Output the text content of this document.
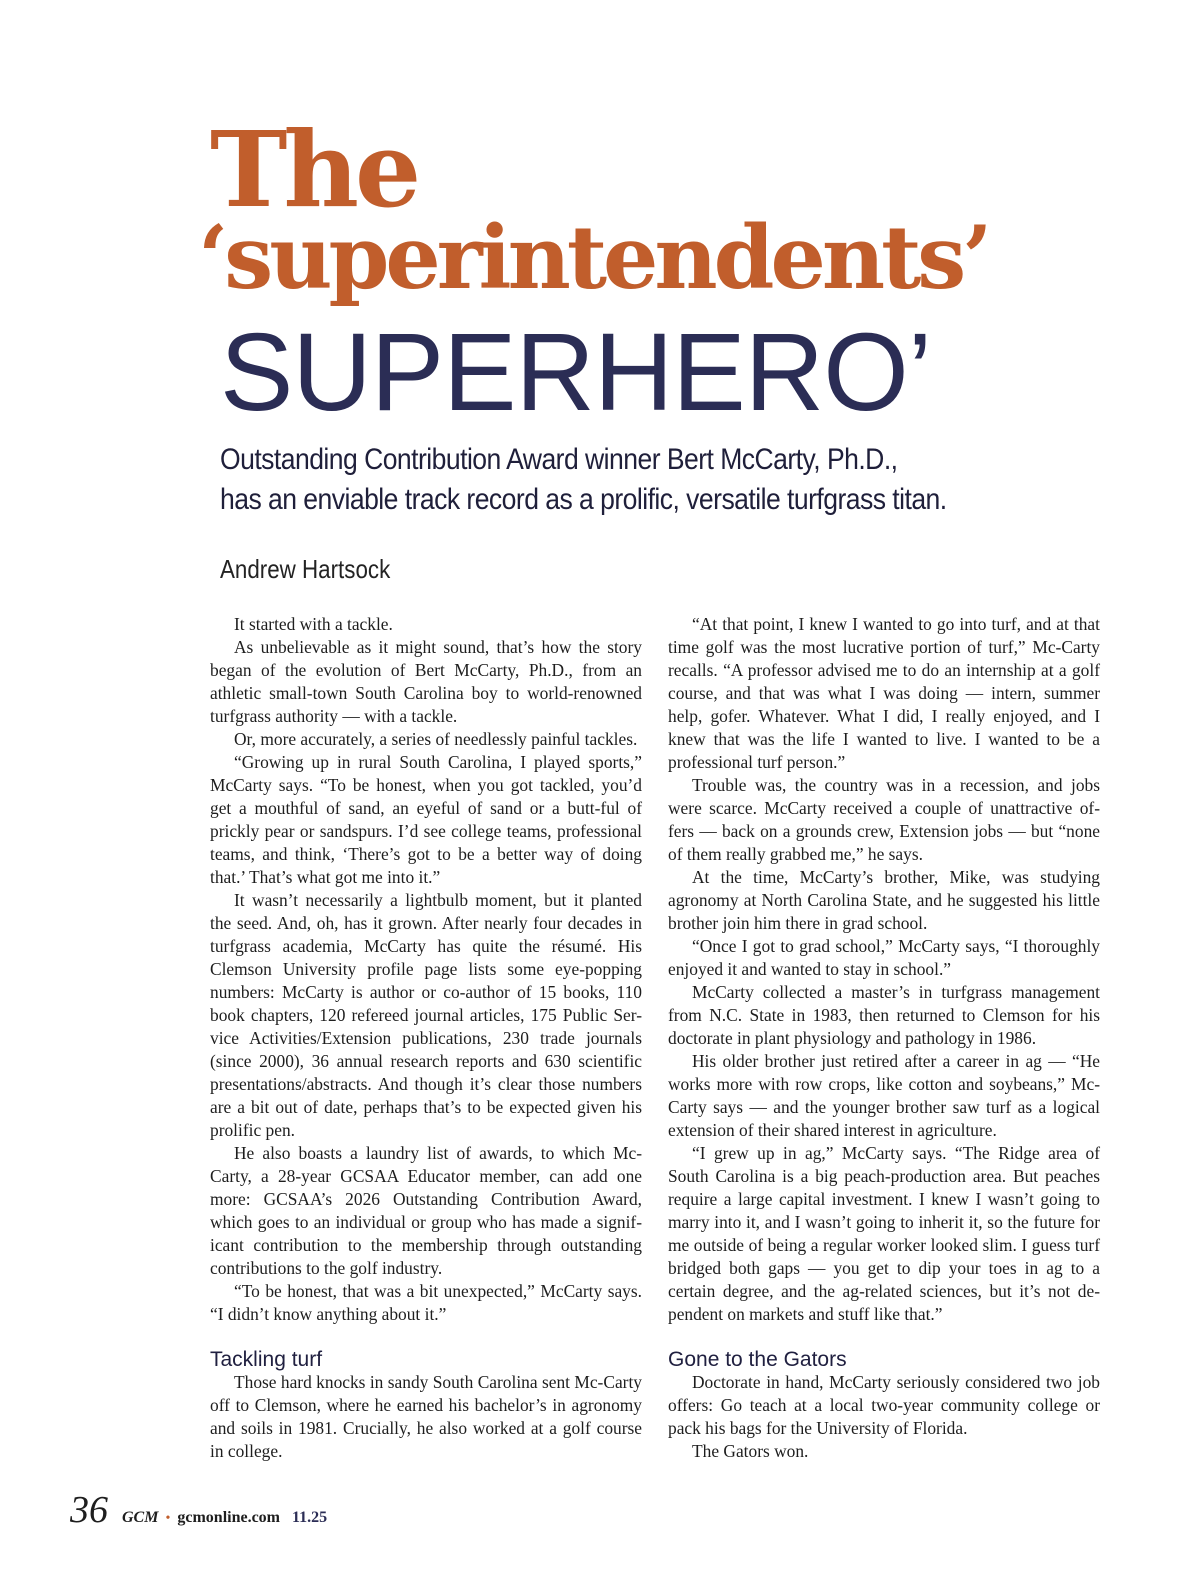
The
‘superintendents’
SUPERHERO’
Outstanding Contribution Award winner Bert McCarty, Ph.D.,
has an enviable track record as a prolific, versatile turfgrass titan.
Andrew Hartsock

It started with a tackle.

As unbelievable as it might sound, that’s how the story began of the evolution of Bert McCarty, Ph.D., from an athletic small-town South Carolina boy to world-renowned turfgrass authority — with a tackle.

Or, more accurately, a series of needlessly painful tackles.

“Growing up in rural South Carolina, I played sports,” McCarty says. “To be honest, when you got tackled, you’d get a mouthful of sand, an eyeful of sand or a butt-ful of prickly pear or sandspurs. I’d see college teams, professional teams, and think, ‘There’s got to be a better way of doing that.’ That’s what got me into it.”

It wasn’t necessarily a lightbulb moment, but it planted the seed. And, oh, has it grown. After nearly four decades in turfgrass academia, McCarty has quite the résumé. His Clemson University profile page lists some eye-popping numbers: McCarty is author or co-author of 15 books, 110 book chapters, 120 refereed journal articles, 175 Public Ser-vice Activities/Extension publications, 230 trade journals (since 2000), 36 annual research reports and 630 scientific presentations/abstracts. And though it’s clear those numbers are a bit out of date, perhaps that’s to be expected given his prolific pen.

He also boasts a laundry list of awards, to which Mc-Carty, a 28-year GCSAA Educator member, can add one more: GCSAA’s 2026 Outstanding Contribution Award, which goes to an individual or group who has made a signif-icant contribution to the membership through outstanding contributions to the golf industry.

“To be honest, that was a bit unexpected,” McCarty says. “I didn’t know anything about it.”

Tackling turf

Those hard knocks in sandy South Carolina sent Mc-Carty off to Clemson, where he earned his bachelor’s in agronomy and soils in 1981. Crucially, he also worked at a golf course in college.

“At that point, I knew I wanted to go into turf, and at that time golf was the most lucrative portion of turf,” Mc-Carty recalls. “A professor advised me to do an internship at a golf course, and that was what I was doing — intern, summer help, gofer. Whatever. What I did, I really enjoyed, and I knew that was the life I wanted to live. I wanted to be a professional turf person.”

Trouble was, the country was in a recession, and jobs were scarce. McCarty received a couple of unattractive of-fers — back on a grounds crew, Extension jobs — but “none of them really grabbed me,” he says.

At the time, McCarty’s brother, Mike, was studying agronomy at North Carolina State, and he suggested his little brother join him there in grad school.

“Once I got to grad school,” McCarty says, “I thoroughly enjoyed it and wanted to stay in school.”

McCarty collected a master’s in turfgrass management from N.C. State in 1983, then returned to Clemson for his doctorate in plant physiology and pathology in 1986.

His older brother just retired after a career in ag — “He works more with row crops, like cotton and soybeans,” Mc-Carty says — and the younger brother saw turf as a logical extension of their shared interest in agriculture.

“I grew up in ag,” McCarty says. “The Ridge area of South Carolina is a big peach-production area. But peaches require a large capital investment. I knew I wasn’t going to marry into it, and I wasn’t going to inherit it, so the future for me outside of being a regular worker looked slim. I guess turf bridged both gaps — you get to dip your toes in ag to a certain degree, and the ag-related sciences, but it’s not de-pendent on markets and stuff like that.”

Gone to the Gators

Doctorate in hand, McCarty seriously considered two job offers: Go teach at a local two-year community college or pack his bags for the University of Florida.

The Gators won.

36 GCM • gcmonline.com 11.25
